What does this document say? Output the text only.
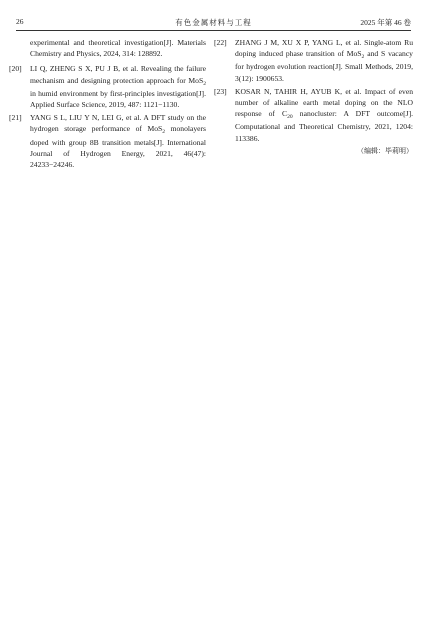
26	有色金属材料与工程	2025 年第 46 卷

experimental and theoretical investigation[J]. Materials Chemistry and Physics, 2024, 314: 128892.

[20]	LI Q, ZHENG S X, PU J B, et al. Revealing the failure mechanism and designing protection approach for MoS$_2$ in humid environment by first-principles investigation[J]. Applied Surface Science, 2019, 487: 1121−1130.

[21]	YANG S L, LIU Y N, LEI G, et al. A DFT study on the hydrogen storage performance of MoS$_2$ monolayers doped with group 8B transition metals[J]. International Journal of Hydrogen Energy, 2021, 46(47): 24233−24246.

[22]	ZHANG J M, XU X P, YANG L, et al. Single-atom Ru doping induced phase transition of MoS$_2$ and S vacancy for hydrogen evolution reaction[J]. Small Methods, 2019, 3(12): 1900653.

[23]	KOSAR N, TAHIR H, AYUB K, et al. Impact of even number of alkaline earth metal doping on the NLO response of $C_{20}$ nanocluster: A DFT outcome[J]. Computational and Theoretical Chemistry, 2021, 1204: 113386.

（编辑：毕莉明）
